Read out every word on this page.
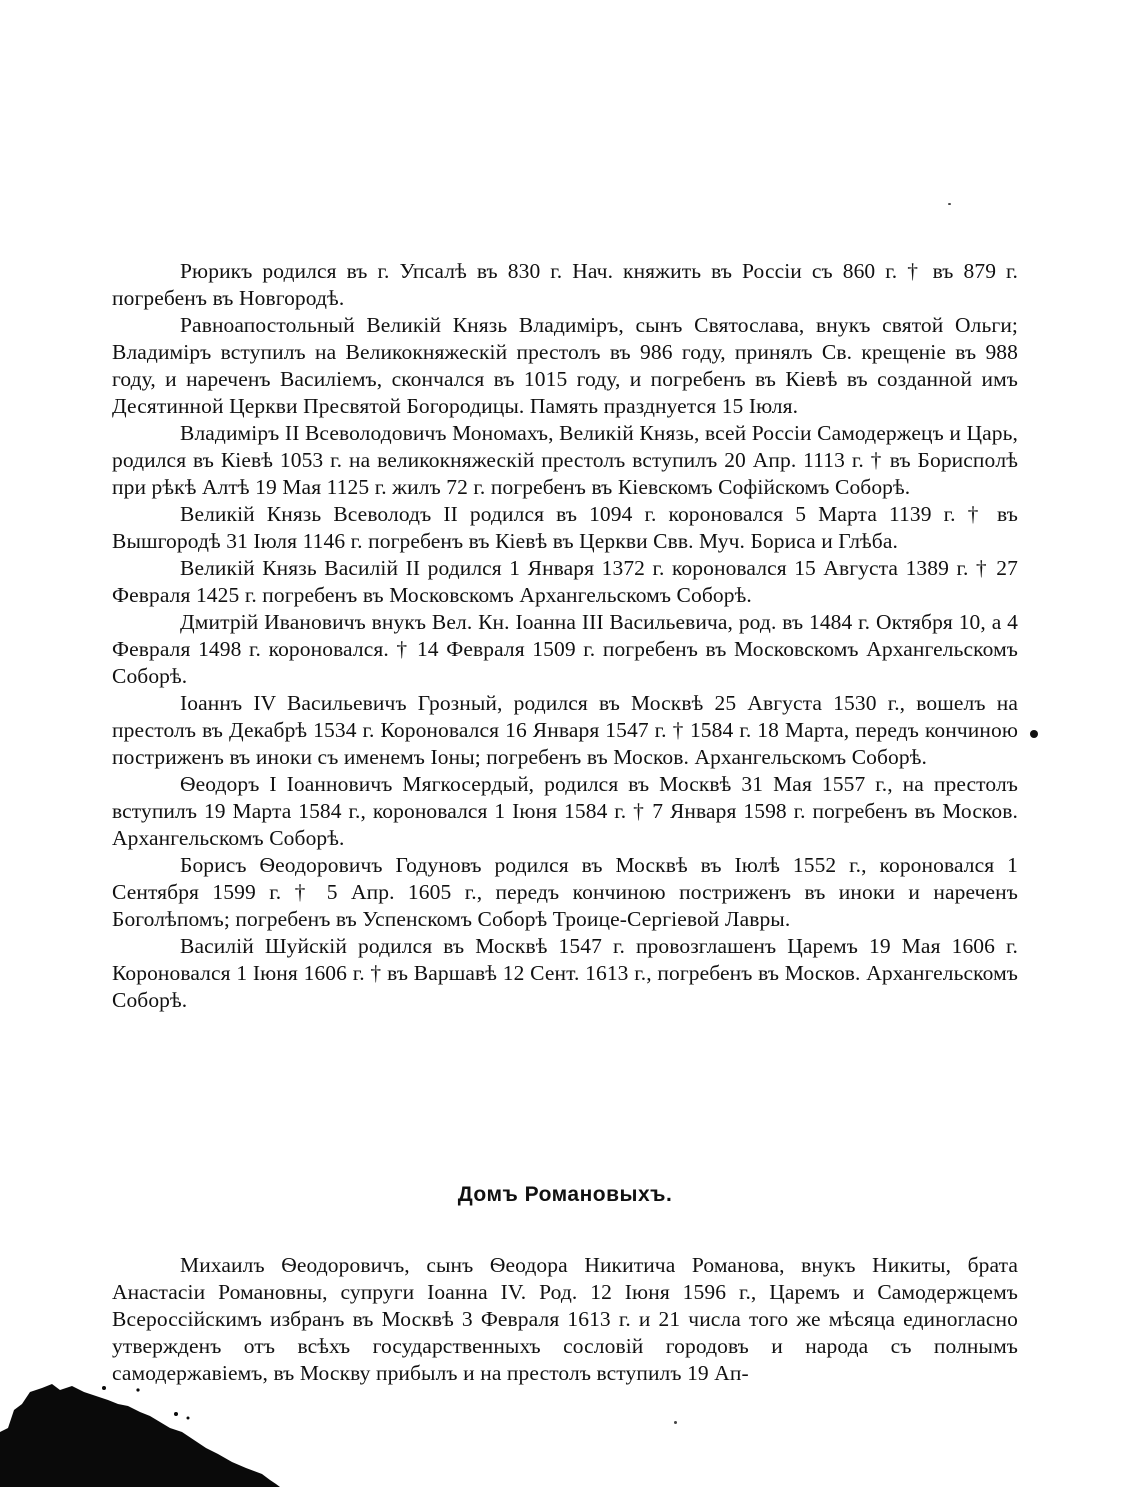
Рюрикъ родился въ г. Упсалѣ въ 830 г. Нач. княжить въ Россіи съ 860 г. † въ 879 г. погребенъ въ Новгородѣ.

Равноапостольный Великій Князь Владиміръ, сынъ Святослава, внукъ святой Ольги; Владиміръ вступилъ на Великокняжескій престолъ въ 986 году, принялъ Св. крещеніе въ 988 году, и нареченъ Василіемъ, скончался въ 1015 году, и погребенъ въ Кіевѣ въ созданной имъ Десятинной Церкви Пресвятой Богородицы. Память празднуется 15 Іюля.

Владиміръ II Всеволодовичъ Мономахъ, Великій Князь, всей Россіи Самодержецъ и Царь, родился въ Кіевѣ 1053 г. на великокняжескій престолъ вступилъ 20 Апр. 1113 г. † въ Бориспoлѣ при рѣкѣ Алтѣ 19 Мая 1125 г. жилъ 72 г. погребенъ въ Кіевскомъ Софійскомъ Соборѣ.

Великій Князь Всеволодъ II родился въ 1094 г. короновался 5 Марта 1139 г. † въ Вышгородѣ 31 Іюля 1146 г. погребенъ въ Кіевѣ въ Церкви Свв. Муч. Бориса и Глѣба.

Великій Князь Василій II родился 1 Января 1372 г. короновался 15 Августа 1389 г. † 27 Февраля 1425 г. погребенъ въ Московскомъ Архангельскомъ Соборѣ.

Дмитрій Ивановичъ внукъ Вел. Кн. Іоанна III Васильевича, род. въ 1484 г. Октября 10, а 4 Февраля 1498 г. короновался. † 14 Февраля 1509 г. погребенъ въ Московскомъ Архангельскомъ Соборѣ.

Іоаннъ IV Васильевичъ Грозный, родился въ Москвѣ 25 Августа 1530 г., вошелъ на престолъ въ Декабрѣ 1534 г. Короновался 16 Января 1547 г. † 1584 г. 18 Марта, передъ кончиною постриженъ въ иноки съ именемъ Іоны; погребенъ въ Москов. Архангельскомъ Соборѣ.

Ѳеодоръ I Іоанновичъ Мягкосердый, родился въ Москвѣ 31 Мая 1557 г., на престолъ вступилъ 19 Марта 1584 г., короновался 1 Іюня 1584 г. † 7 Января 1598 г. погребенъ въ Москов. Архангельскомъ Соборѣ.

Борисъ Ѳеодоровичъ Годуновъ родился въ Москвѣ въ Іюлѣ 1552 г., короновался 1 Сентября 1599 г. † 5 Апр. 1605 г., передъ кончиною постриженъ въ иноки и нареченъ Боголѣпомъ; погребенъ въ Успенскомъ Соборѣ Троице-Сергіевой Лавры.

Василій Шуйскій родился въ Москвѣ 1547 г. провозглашенъ Царемъ 19 Мая 1606 г. Короновался 1 Іюня 1606 г. † въ Варшавѣ 12 Сент. 1613 г., погребенъ въ Москов. Архангельскомъ Соборѣ.

Домъ Романовыхъ.

Михаилъ Ѳеодоровичъ, сынъ Ѳеодора Никитича Романова, внукъ Никиты, брата Анастасіи Романовны, супруги Іоанна IV. Род. 12 Іюня 1596 г., Царемъ и Самодержцемъ Всероссійскимъ избранъ въ Москвѣ 3 Февраля 1613 г. и 21 числа того же мѣсяца единогласно утвержденъ отъ всѣхъ государственныхъ сословій городовъ и народа съ полнымъ самодержавіемъ, въ Москву прибылъ и на престолъ вступилъ 19 Ап-
